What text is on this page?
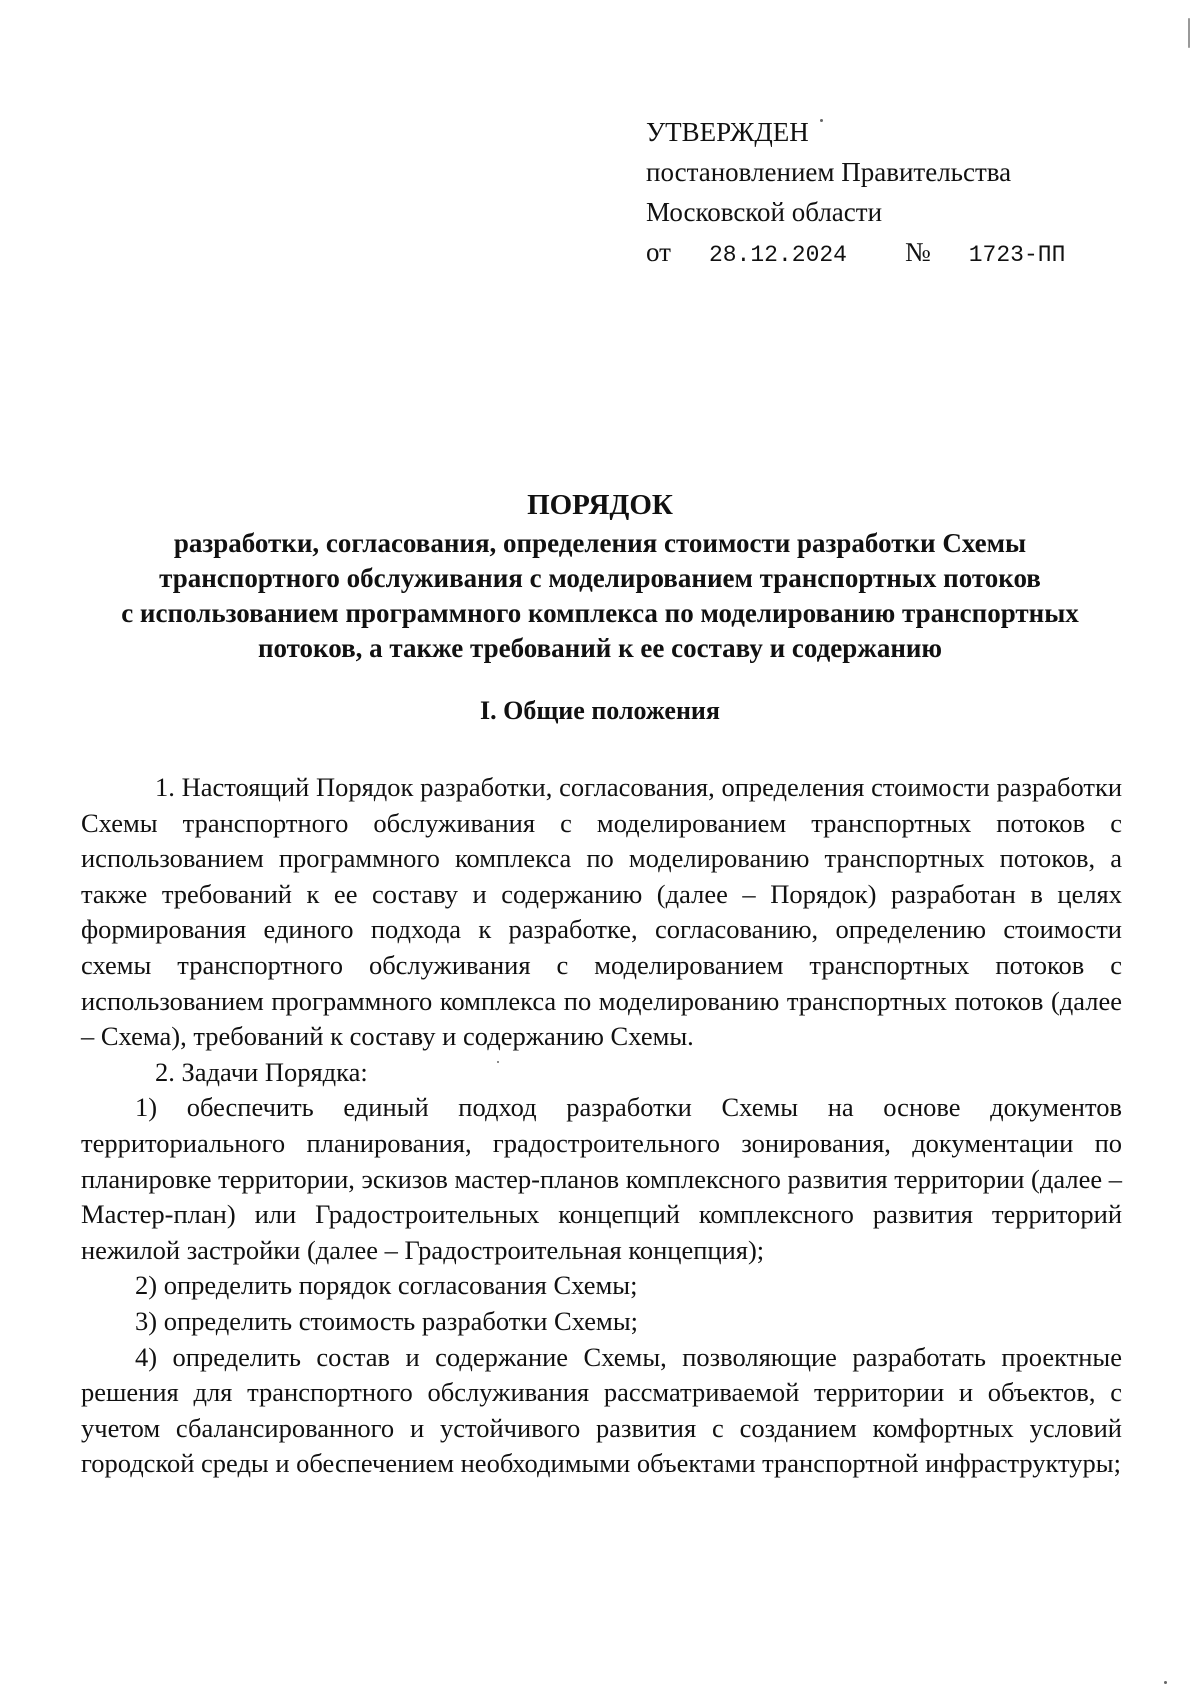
УТВЕРЖДЕН
постановлением Правительства
Московской области
от 28.12.2024 № 1723-ПП
ПОРЯДОК
разработки, согласования, определения стоимости разработки Схемы
транспортного обслуживания с моделированием транспортных потоков
с использованием программного комплекса по моделированию транспортных
потоков, а также требований к ее составу и содержанию
I. Общие положения

1. Настоящий Порядок разработки, согласования, определения стоимости разработки Схемы транспортного обслуживания с моделированием транспортных потоков с использованием программного комплекса по моделированию транспортных потоков, а также требований к ее составу и содержанию (далее – Порядок) разработан в целях формирования единого подхода к разработке, согласованию, определению стоимости схемы транспортного обслуживания с моделированием транспортных потоков с использованием программного комплекса по моделированию транспортных потоков (далее – Схема), требований к составу и содержанию Схемы.

2. Задачи Порядка:

1) обеспечить единый подход разработки Схемы на основе документов территориального планирования, градостроительного зонирования, документации по планировке территории, эскизов мастер-планов комплексного развития территории (далее – Мастер-план) или Градостроительных концепций комплексного развития территорий нежилой застройки (далее – Градостроительная концепция);

2) определить порядок согласования Схемы;

3) определить стоимость разработки Схемы;

4) определить состав и содержание Схемы, позволяющие разработать проектные решения для транспортного обслуживания рассматриваемой территории и объектов, с учетом сбалансированного и устойчивого развития с созданием комфортных условий городской среды и обеспечением необходимыми объектами транспортной инфраструктуры;
